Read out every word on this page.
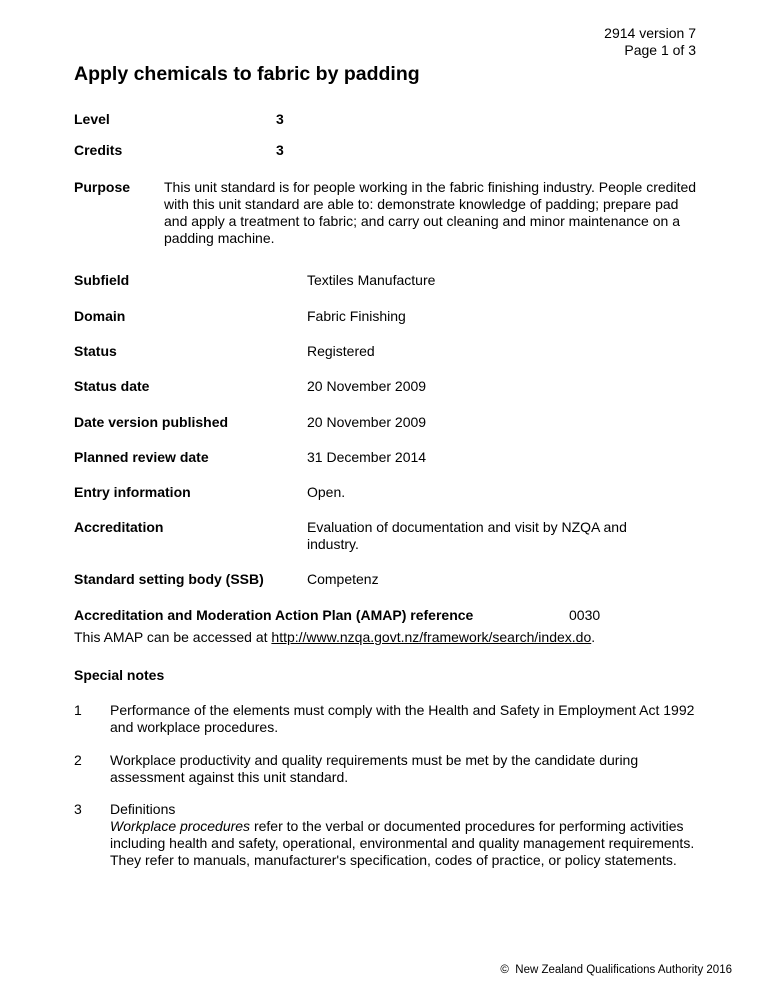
2914 version 7
Page 1 of 3
Apply chemicals to fabric by padding
Level	3
Credits	3
Purpose This unit standard is for people working in the fabric finishing industry. People credited with this unit standard are able to: demonstrate knowledge of padding; prepare pad and apply a treatment to fabric; and carry out cleaning and minor maintenance on a padding machine.
Subfield	Textiles Manufacture
Domain	Fabric Finishing
Status	Registered
Status date	20 November 2009
Date version published	20 November 2009
Planned review date	31 December 2014
Entry information	Open.
Accreditation	Evaluation of documentation and visit by NZQA and industry.
Standard setting body (SSB)	Competenz
Accreditation and Moderation Action Plan (AMAP) reference	0030
This AMAP can be accessed at http://www.nzqa.govt.nz/framework/search/index.do.
Special notes
1 Performance of the elements must comply with the Health and Safety in Employment Act 1992 and workplace procedures.
2 Workplace productivity and quality requirements must be met by the candidate during assessment against this unit standard.
3 Definitions
Workplace procedures refer to the verbal or documented procedures for performing activities including health and safety, operational, environmental and quality management requirements. They refer to manuals, manufacturer's specification, codes of practice, or policy statements.
© New Zealand Qualifications Authority 2016
